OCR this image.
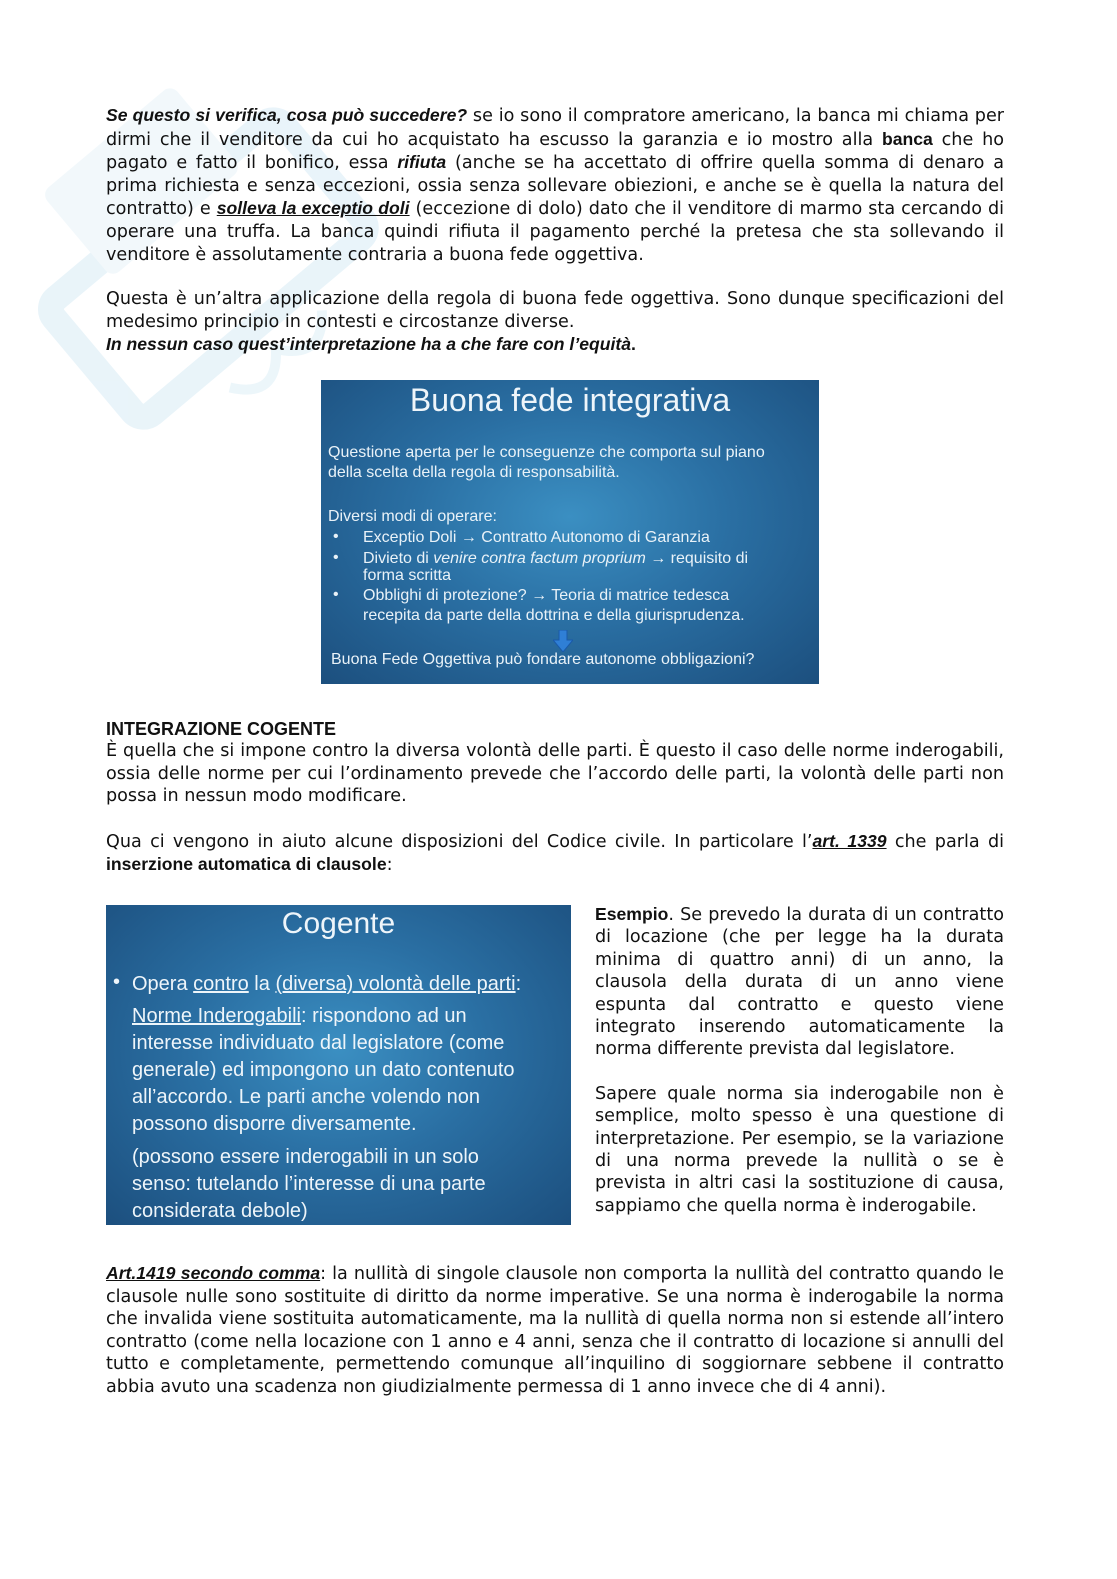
Se questo si verifica, cosa può succedere? se io sono il compratore americano, la banca mi chiama per dirmi che il venditore da cui ho acquistato ha escusso la garanzia e io mostro alla banca che ho pagato e fatto il bonifico, essa rifiuta (anche se ha accettato di offrire quella somma di denaro a prima richiesta e senza eccezioni, ossia senza sollevare obiezioni, e anche se è quella la natura del contratto) e solleva la exceptio doli (eccezione di dolo) dato che il venditore di marmo sta cercando di operare una truffa. La banca quindi rifiuta il pagamento perché la pretesa che sta sollevando il venditore è assolutamente contraria a buona fede oggettiva.

Questa è un’altra applicazione della regola di buona fede oggettiva. Sono dunque specificazioni del medesimo principio in contesti e circostanze diverse.
In nessun caso quest’interpretazione ha a che fare con l’equità.

Buona fede integrativa
Questione aperta per le conseguenze che comporta sul piano
della scelta della regola di responsabilità.
Diversi modi di operare:
• Exceptio Doli → Contratto Autonomo di Garanzia
• Divieto di venire contra factum proprium → requisito di
forma scritta
• Obblighi di protezione? → Teoria di matrice tedesca
recepita da parte della dottrina e della giurisprudenza.
Buona Fede Oggettiva può fondare autonome obbligazioni?

INTEGRAZIONE COGENTE

È quella che si impone contro la diversa volontà delle parti. È questo il caso delle norme inderogabili, ossia delle norme per cui l’ordinamento prevede che l’accordo delle parti, la volontà delle parti non possa in nessun modo modificare.

Qua ci vengono in aiuto alcune disposizioni del Codice civile. In particolare l’art. 1339 che parla di inserzione automatica di clausole:

Cogente
• Opera contro la (diversa) volontà delle parti:
Norme Inderogabili: rispondono ad un
interesse individuato dal legislatore (come
generale) ed impongono un dato contenuto
all’accordo. Le parti anche volendo non
possono disporre diversamente.
(possono essere inderogabili in un solo
senso: tutelando l’interesse di una parte
considerata debole)

Esempio. Se prevedo la durata di un contratto di locazione (che per legge ha la durata minima di quattro anni) di un anno, la clausola della durata di un anno viene espunta dal contratto e questo viene integrato inserendo automaticamente la norma differente prevista dal legislatore.

Sapere quale norma sia inderogabile non è semplice, molto spesso è una questione di interpretazione. Per esempio, se la variazione di una norma prevede la nullità o se è prevista in altri casi la sostituzione di causa, sappiamo che quella norma è inderogabile.

Art.1419 secondo comma: la nullità di singole clausole non comporta la nullità del contratto quando le clausole nulle sono sostituite di diritto da norme imperative. Se una norma è inderogabile la norma che invalida viene sostituita automaticamente, ma la nullità di quella norma non si estende all’intero contratto (come nella locazione con 1 anno e 4 anni, senza che il contratto di locazione si annulli del tutto e completamente, permettendo comunque all’inquilino di soggiornare sebbene il contratto abbia avuto una scadenza non giudizialmente permessa di 1 anno invece che di 4 anni).
